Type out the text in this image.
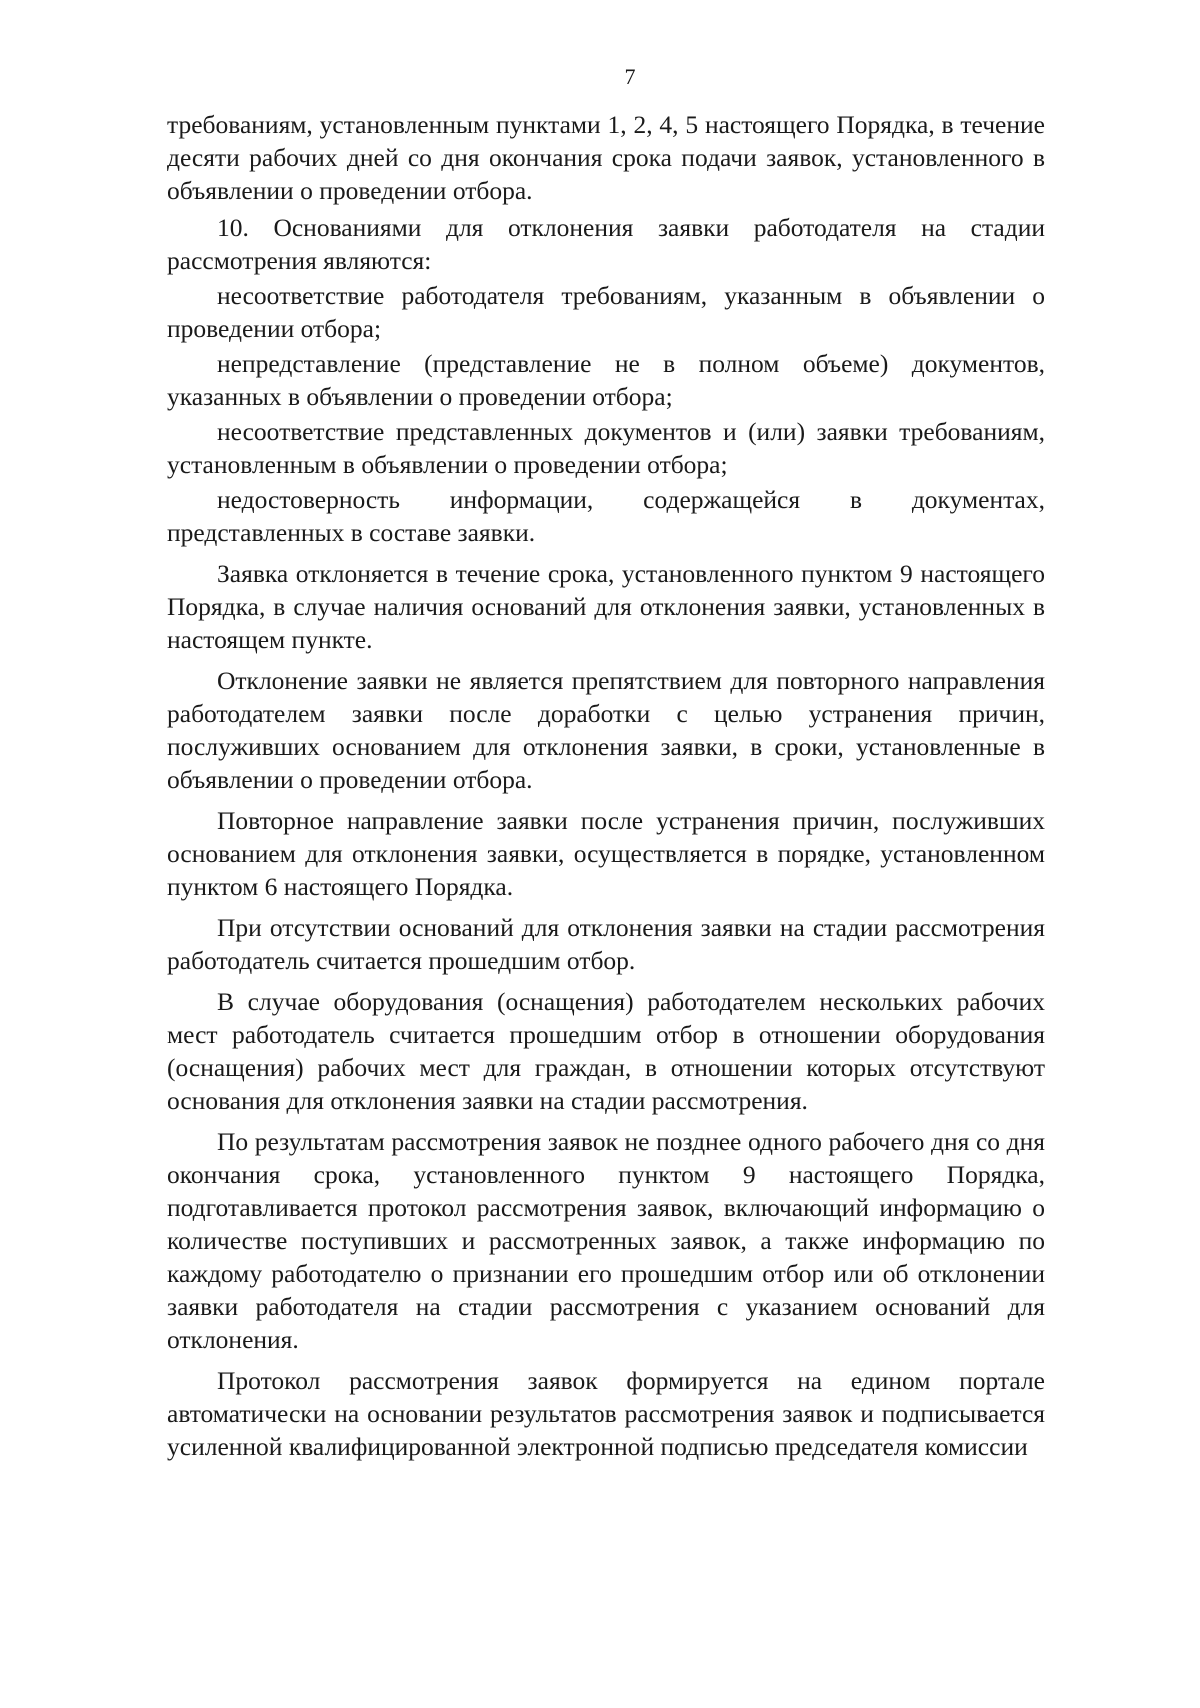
7

требованиям, установленным пунктами 1, 2, 4, 5 настоящего Порядка, в течение десяти рабочих дней со дня окончания срока подачи заявок, установленного в объявлении о проведении отбора.

10. Основаниями для отклонения заявки работодателя на стадии рассмотрения являются:

несоответствие работодателя требованиям, указанным в объявлении о проведении отбора;

непредставление (представление не в полном объеме) документов, указанных в объявлении о проведении отбора;

несоответствие представленных документов и (или) заявки требованиям, установленным в объявлении о проведении отбора;

недостоверность информации, содержащейся в документах, представленных в составе заявки.

Заявка отклоняется в течение срока, установленного пунктом 9 настоящего Порядка, в случае наличия оснований для отклонения заявки, установленных в настоящем пункте.

Отклонение заявки не является препятствием для повторного направления работодателем заявки после доработки с целью устранения причин, послуживших основанием для отклонения заявки, в сроки, установленные в объявлении о проведении отбора.

Повторное направление заявки после устранения причин, послуживших основанием для отклонения заявки, осуществляется в порядке, установленном пунктом 6 настоящего Порядка.

При отсутствии оснований для отклонения заявки на стадии рассмотрения работодатель считается прошедшим отбор.

В случае оборудования (оснащения) работодателем нескольких рабочих мест работодатель считается прошедшим отбор в отношении оборудования (оснащения) рабочих мест для граждан, в отношении которых отсутствуют основания для отклонения заявки на стадии рассмотрения.

По результатам рассмотрения заявок не позднее одного рабочего дня со дня окончания срока, установленного пунктом 9 настоящего Порядка, подготавливается протокол рассмотрения заявок, включающий информацию о количестве поступивших и рассмотренных заявок, а также информацию по каждому работодателю о признании его прошедшим отбор или об отклонении заявки работодателя на стадии рассмотрения с указанием оснований для отклонения.

Протокол рассмотрения заявок формируется на едином портале автоматически на основании результатов рассмотрения заявок и подписывается усиленной квалифицированной электронной подписью председателя комиссии
